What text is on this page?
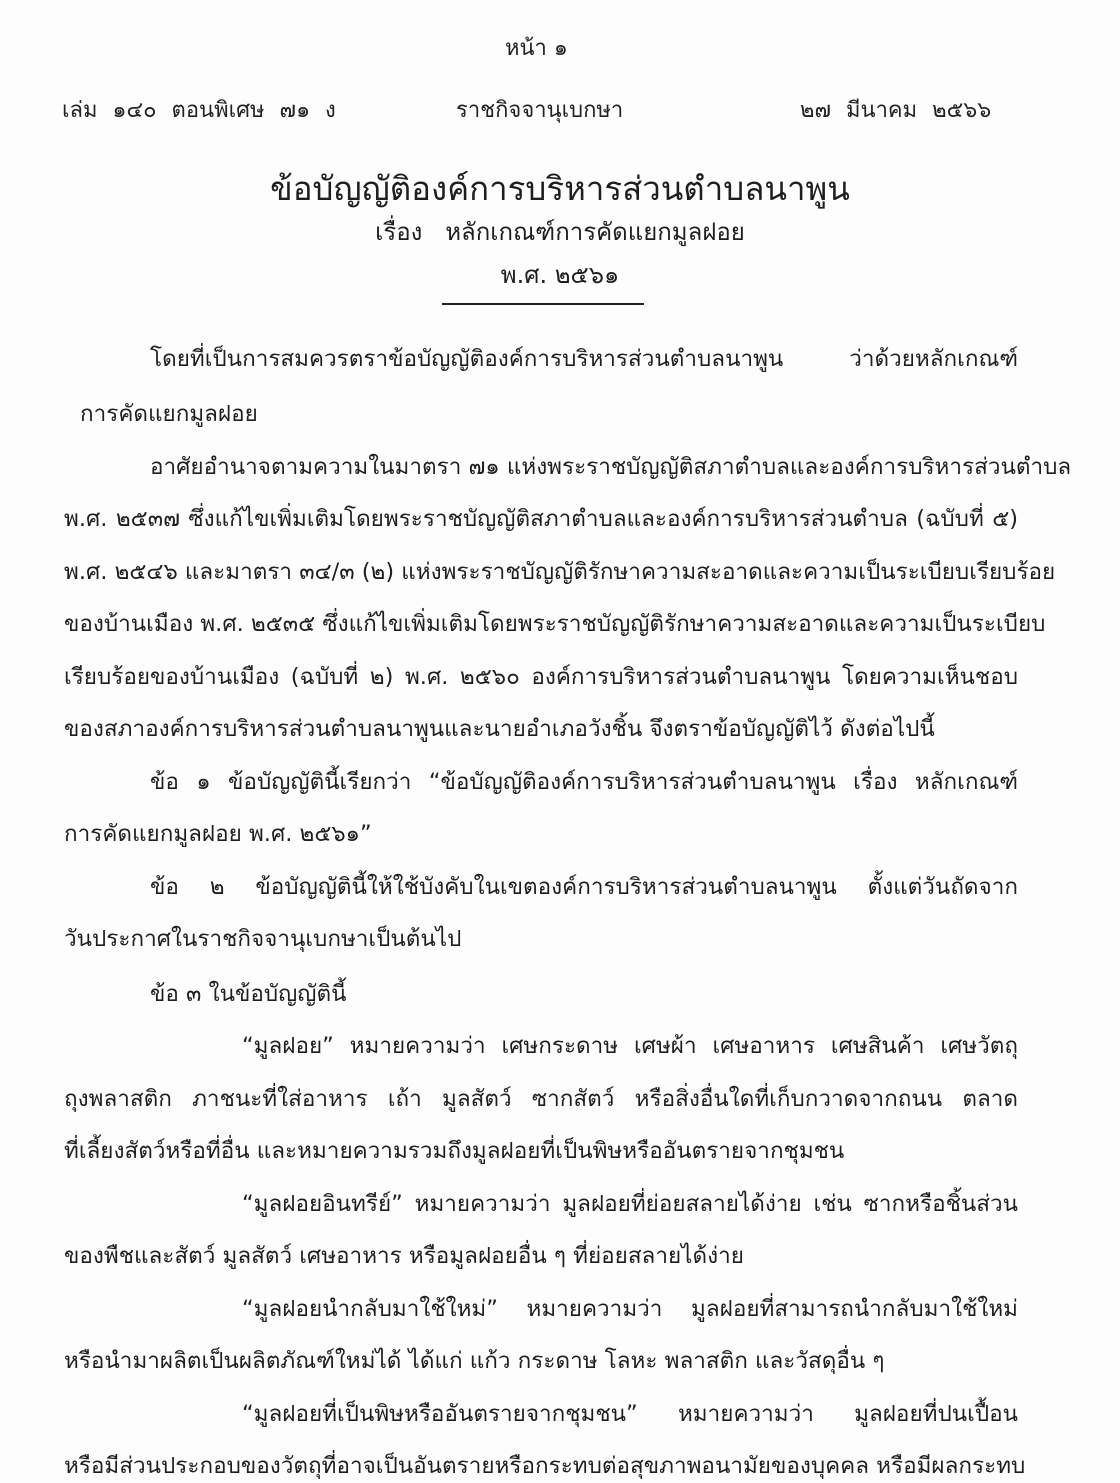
หน้า ๑
เล่ม ๑๔๐ ตอนพิเศษ ๗๑ ง	ราชกิจจานุเบกษา	๒๗ มีนาคม ๒๕๖๖
ข้อบัญญัติองค์การบริหารส่วนตำบลนาพูน
เรื่อง   หลักเกณฑ์การคัดแยกมูลฝอย
พ.ศ. ๒๕๖๑
โดยที่เป็นการสมควรตราข้อบัญญัติองค์การบริหารส่วนตำบลนาพูน ว่าด้วยหลักเกณฑ์
การคัดแยกมูลฝอย
อาศัยอำนาจตามความในมาตรา ๗๑ แห่งพระราชบัญญัติสภาตำบลและองค์การบริหารส่วนตำบล
พ.ศ. ๒๕๓๗ ซึ่งแก้ไขเพิ่มเติมโดยพระราชบัญญัติสภาตำบลและองค์การบริหารส่วนตำบล (ฉบับที่ ๕)
พ.ศ. ๒๕๔๖ และมาตรา ๓๔/๓ (๒) แห่งพระราชบัญญัติรักษาความสะอาดและความเป็นระเบียบเรียบร้อย
ของบ้านเมือง พ.ศ. ๒๕๓๕ ซึ่งแก้ไขเพิ่มเติมโดยพระราชบัญญัติรักษาความสะอาดและความเป็นระเบียบ
เรียบร้อยของบ้านเมือง (ฉบับที่ ๒) พ.ศ. ๒๕๖๐ องค์การบริหารส่วนตำบลนาพูน โดยความเห็นชอบ
ของสภาองค์การบริหารส่วนตำบลนาพูนและนายอำเภอวังชิ้น จึงตราข้อบัญญัติไว้ ดังต่อไปนี้
ข้อ ๑ ข้อบัญญัตินี้เรียกว่า “ข้อบัญญัติองค์การบริหารส่วนตำบลนาพูน เรื่อง หลักเกณฑ์
การคัดแยกมูลฝอย พ.ศ. ๒๕๖๑”
ข้อ ๒ ข้อบัญญัตินี้ให้ใช้บังคับในเขตองค์การบริหารส่วนตำบลนาพูน ตั้งแต่วันถัดจาก
วันประกาศในราชกิจจานุเบกษาเป็นต้นไป
ข้อ ๓ ในข้อบัญญัตินี้
“มูลฝอย” หมายความว่า เศษกระดาษ เศษผ้า เศษอาหาร เศษสินค้า เศษวัตถุ
ถุงพลาสติก ภาชนะที่ใส่อาหาร เถ้า มูลสัตว์ ซากสัตว์ หรือสิ่งอื่นใดที่เก็บกวาดจากถนน ตลาด
ที่เลี้ยงสัตว์หรือที่อื่น และหมายความรวมถึงมูลฝอยที่เป็นพิษหรืออันตรายจากชุมชน
“มูลฝอยอินทรีย์” หมายความว่า มูลฝอยที่ย่อยสลายได้ง่าย เช่น ซากหรือชิ้นส่วน
ของพืชและสัตว์ มูลสัตว์ เศษอาหาร หรือมูลฝอยอื่น ๆ ที่ย่อยสลายได้ง่าย
“มูลฝอยนำกลับมาใช้ใหม่” หมายความว่า มูลฝอยที่สามารถนำกลับมาใช้ใหม่
หรือนำมาผลิตเป็นผลิตภัณฑ์ใหม่ได้ ได้แก่ แก้ว กระดาษ โลหะ พลาสติก และวัสดุอื่น ๆ
“มูลฝอยที่เป็นพิษหรืออันตรายจากชุมชน” หมายความว่า มูลฝอยที่ปนเปื้อน
หรือมีส่วนประกอบของวัตถุที่อาจเป็นอันตรายหรือกระทบต่อสุขภาพอนามัยของบุคคล หรือมีผลกระทบ
